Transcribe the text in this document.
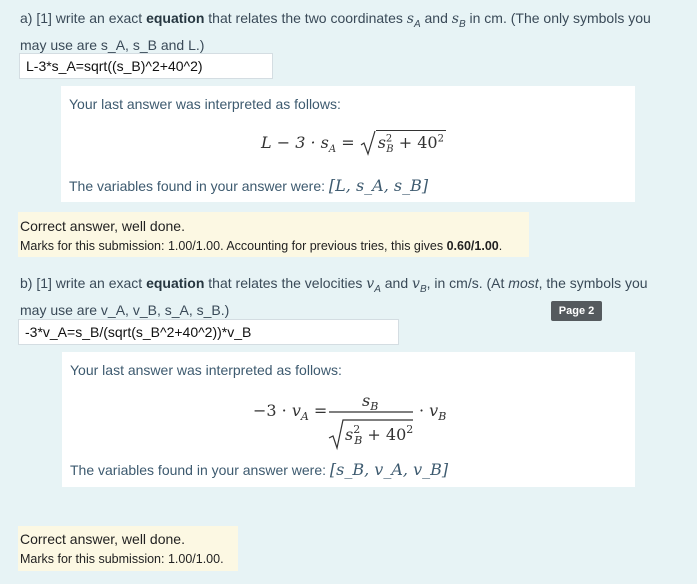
a) [1] write an exact equation that relates the two coordinates $s_A$ and $s_B$ in cm. (The only symbols you
may use are s_A, s_B and L.)
L-3*s_A=sqrt((s_B)^2+40^2)
Your last answer was interpreted as follows:
$L - 3 \cdot s_A = s^2_B + 40^2$
The variables found in your answer were: [L, s_A, s_B]
Correct answer, well done.
Marks for this submission: 1.00/1.00. Accounting for previous tries, this gives 0.60/1.00.
b) [1] write an exact equation that relates the velocities $v_A$ and $v_B$, in cm/s. (At most, the symbols you
may use are v_A, v_B, s_A, s_B.)	Page 2
-3*v_A=s_B/(sqrt(s_B^2+40^2))*v_B
Your last answer was interpreted as follows:
$-3 \cdot v_A$ =
$s_B$
$s^2$ $B + 40^2$
· $v_B$
The variables found in your answer were: [s_B, v_A, v_B]
Correct answer, well done.
Marks for this submission: 1.00/1.00.
